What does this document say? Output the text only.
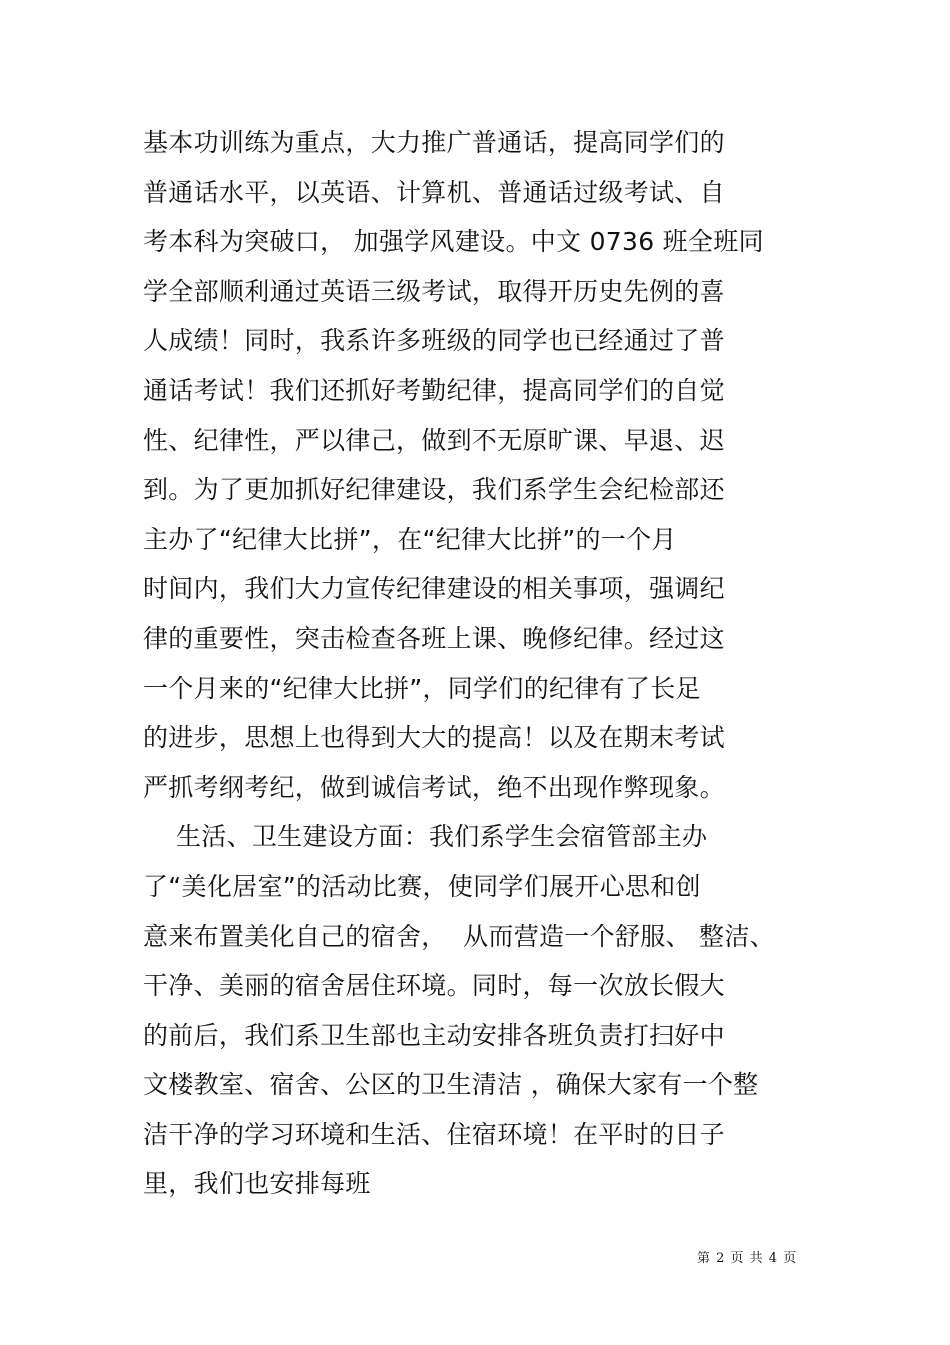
基本功训练为重点，大力推广普通话，提高同学们的
普通话水平，以英语、计算机、普通话过级考试、自
考本科为突破口， 加强学风建设。中文 0736 班全班同
学全部顺利通过英语三级考试，取得开历史先例的喜
人成绩！同时，我系许多班级的同学也已经通过了普
通话考试！我们还抓好考勤纪律，提高同学们的自觉
性、纪律性，严以律己，做到不无原旷课、早退、迟
到。为了更加抓好纪律建设，我们系学生会纪检部还
主办了“纪律大比拼”，在“纪律大比拼”的一个月
时间内，我们大力宣传纪律建设的相关事项，强调纪
律的重要性，突击检查各班上课、晚修纪律。经过这
一个月来的“纪律大比拼”，同学们的纪律有了长足
的进步，思想上也得到大大的提高！以及在期末考试
严抓考纲考纪，做到诚信考试，绝不出现作弊现象。
生活、卫生建设方面：我们系学生会宿管部主办
了“美化居室”的活动比赛，使同学们展开心思和创
意来布置美化自己的宿舍，  从而营造一个舒服、 整洁、
干净、美丽的宿舍居住环境。同时，每一次放长假大
的前后，我们系卫生部也主动安排各班负责打扫好中
文楼教室、宿舍、公区的卫生清洁 ，确保大家有一个整
洁干净的学习环境和生活、住宿环境！在平时的日子
里，我们也安排每班
第 2 页 共 4 页
